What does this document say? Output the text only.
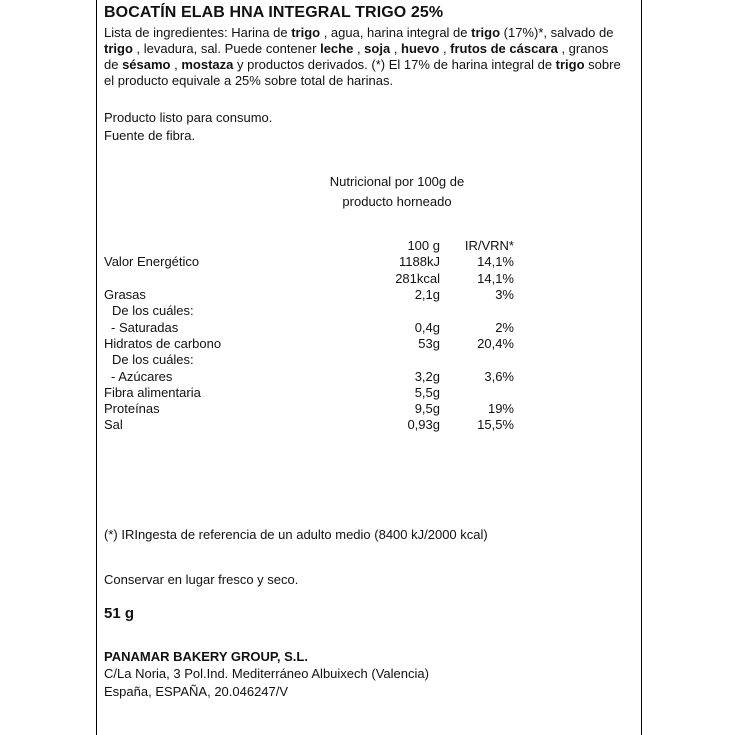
BOCATÍN ELAB HNA INTEGRAL TRIGO 25%
Lista de ingredientes: Harina de trigo , agua, harina integral de trigo (17%)*, salvado de trigo , levadura, sal. Puede contener leche , soja , huevo , frutos de cáscara , granos de sésamo , mostaza y productos derivados. (*) El 17% de harina integral de trigo sobre el producto equivale a 25% sobre total de harinas.
Producto listo para consumo.
Fuente de fibra.
Nutricional por 100g de
producto horneado
	100 g	IR/VRN*
Valor Energético	1188kJ	14,1%
	281kcal	14,1%
Grasas	2,1g	3%
De los cuáles:		
- Saturadas	0,4g	2%
Hidratos de carbono	53g	20,4%
De los cuáles:		
- Azúcares	3,2g	3,6%
Fibra alimentaria	5,5g	
Proteínas	9,5g	19%
Sal	0,93g	15,5%
(*) IRIngesta de referencia de un adulto medio (8400 kJ/2000 kcal)
Conservar en lugar fresco y seco.
51 g
PANAMAR BAKERY GROUP, S.L.
C/La Noria, 3 Pol.Ind. Mediterráneo Albuixech (Valencia)
España, ESPAÑA, 20.046247/V
